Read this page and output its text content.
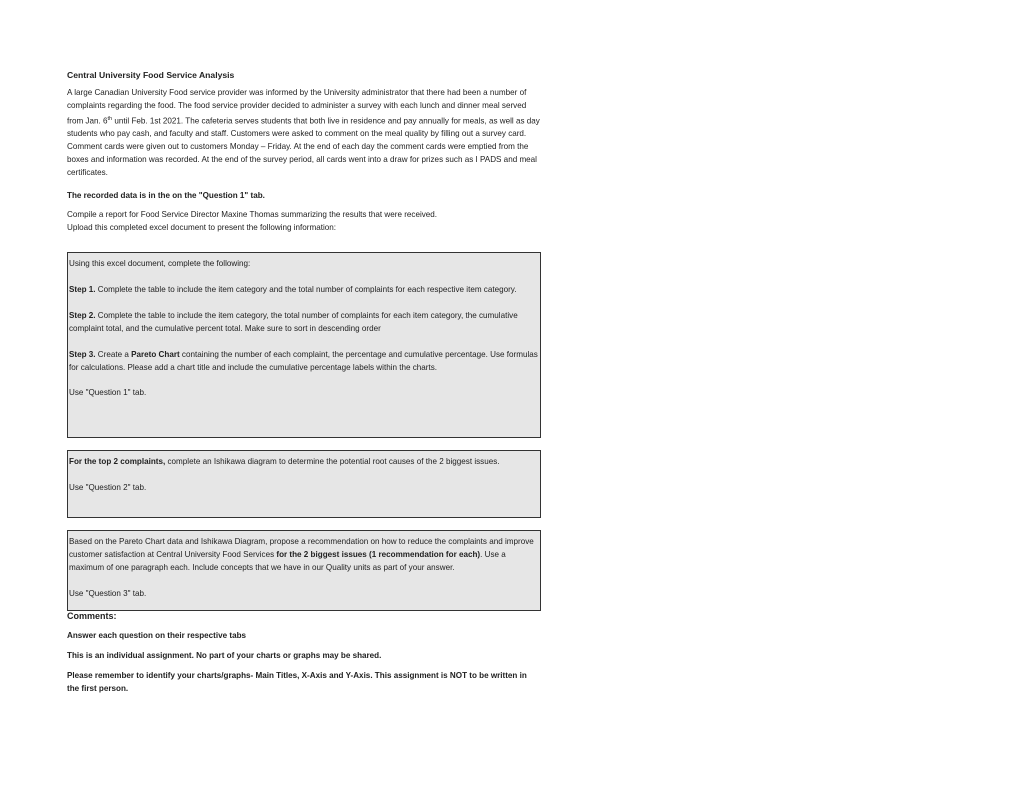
Central University Food Service Analysis

A large Canadian University Food service provider was informed by the University administrator that there had been a number of complaints regarding the food. The food service provider decided to administer a survey with each lunch and dinner meal served from Jan. 6th until Feb. 1st 2021. The cafeteria serves students that both live in residence and pay annually for meals, as well as day students who pay cash, and faculty and staff. Customers were asked to comment on the meal quality by filling out a survey card. Comment cards were given out to customers Monday – Friday. At the end of each day the comment cards were emptied from the boxes and information was recorded. At the end of the survey period, all cards went into a draw for prizes such as I PADS and meal certificates.

The recorded data is in the on the "Question 1" tab.

Compile a report for Food Service Director Maxine Thomas summarizing the results that were received.

Upload this completed excel document to present the following information:

Using this excel document, complete the following:

Step 1. Complete the table to include the item category and the total number of complaints for each respective item category.

Step 2. Complete the table to include the item category, the total number of complaints for each item category, the cumulative complaint total, and the cumulative percent total. Make sure to sort in descending order

Step 3. Create a Pareto Chart containing the number of each complaint, the percentage and cumulative percentage. Use formulas for calculations. Please add a chart title and include the cumulative percentage labels within the charts.

Use "Question 1" tab.

For the top 2 complaints, complete an Ishikawa diagram to determine the potential root causes of the 2 biggest issues.

Use "Question 2" tab.

Based on the Pareto Chart data and Ishikawa Diagram, propose a recommendation on how to reduce the complaints and improve customer satisfaction at Central University Food Services for the 2 biggest issues (1 recommendation for each). Use a maximum of one paragraph each. Include concepts that we have in our Quality units as part of your answer.

Use "Question 3" tab.

Comments:

Answer each question on their respective tabs

This is an individual assignment. No part of your charts or graphs may be shared.

Please remember to identify your charts/graphs- Main Titles, X-Axis and Y-Axis. This assignment is NOT to be written in the first person.
